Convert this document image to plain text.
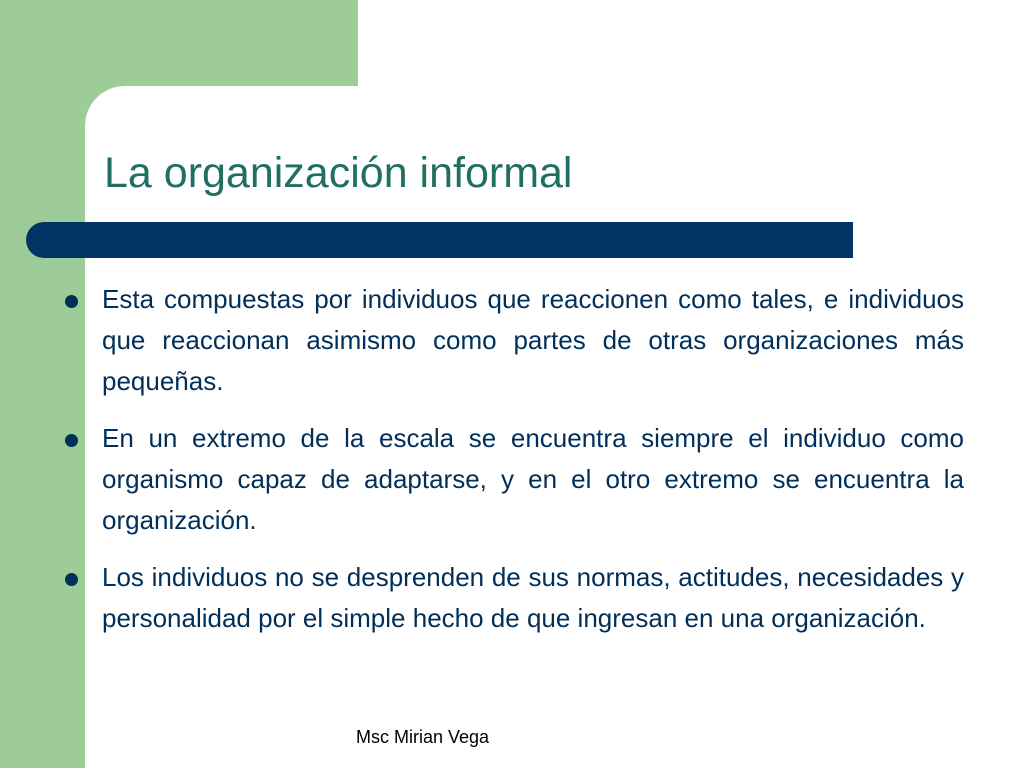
La organización informal

Esta compuestas por individuos que reaccionen como tales, e individuos que reaccionan asimismo como partes de otras organizaciones más pequeñas.

En un extremo de la escala se encuentra siempre el individuo como organismo capaz de adaptarse, y en el otro extremo se encuentra la organización.

Los individuos no se desprenden de sus normas, actitudes, necesidades y personalidad por el simple hecho de que ingresan en una organización.

Msc Mirian Vega
